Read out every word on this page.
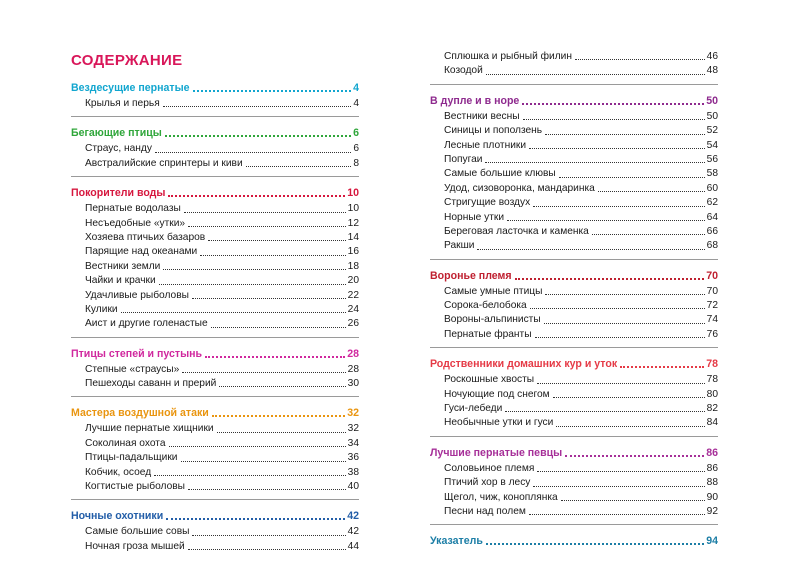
СОДЕРЖАНИЕ
Вездесущие пернатые	4
Крылья и перья	4
Бегающие птицы	6
Страус, нанду	6
Австралийские спринтеры и киви	8
Покорители воды	10
Пернатые водолазы	10
Несъедобные «утки»	12
Хозяева птичьих базаров	14
Парящие над океанами	16
Вестники земли	18
Чайки и крачки	20
Удачливые рыболовы	22
Кулики	24
Аист и другие голенастые	26
Птицы степей и пустынь	28
Степные «страусы»	28
Пешеходы саванн и прерий	30
Мастера воздушной атаки	32
Лучшие пернатые хищники	32
Соколиная охота	34
Птицы-падальщики	36
Кобчик, осоед	38
Когтистые рыболовы	40
Ночные охотники	42
Самые большие совы	42
Ночная гроза мышей	44
Сплюшка и рыбный филин	46
Козодой	48
В дупле и в норе	50
Вестники весны	50
Синицы и поползень	52
Лесные плотники	54
Попугаи	56
Самые большие клювы	58
Удод, сизоворонка, мандаринка	60
Стригущие воздух	62
Норные утки	64
Береговая ласточка и каменка	66
Ракши	68
Воронье племя	70
Самые умные птицы	70
Сорока-белобока	72
Вороны-альпинисты	74
Пернатые франты	76
Родственники домашних кур и уток	78
Роскошные хвосты	78
Ночующие под снегом	80
Гуси-лебеди	82
Необычные утки и гуси	84
Лучшие пернатые певцы	86
Соловьиное племя	86
Птичий хор в лесу	88
Щегол, чиж, коноплянка	90
Песни над полем	92
Указатель	94
